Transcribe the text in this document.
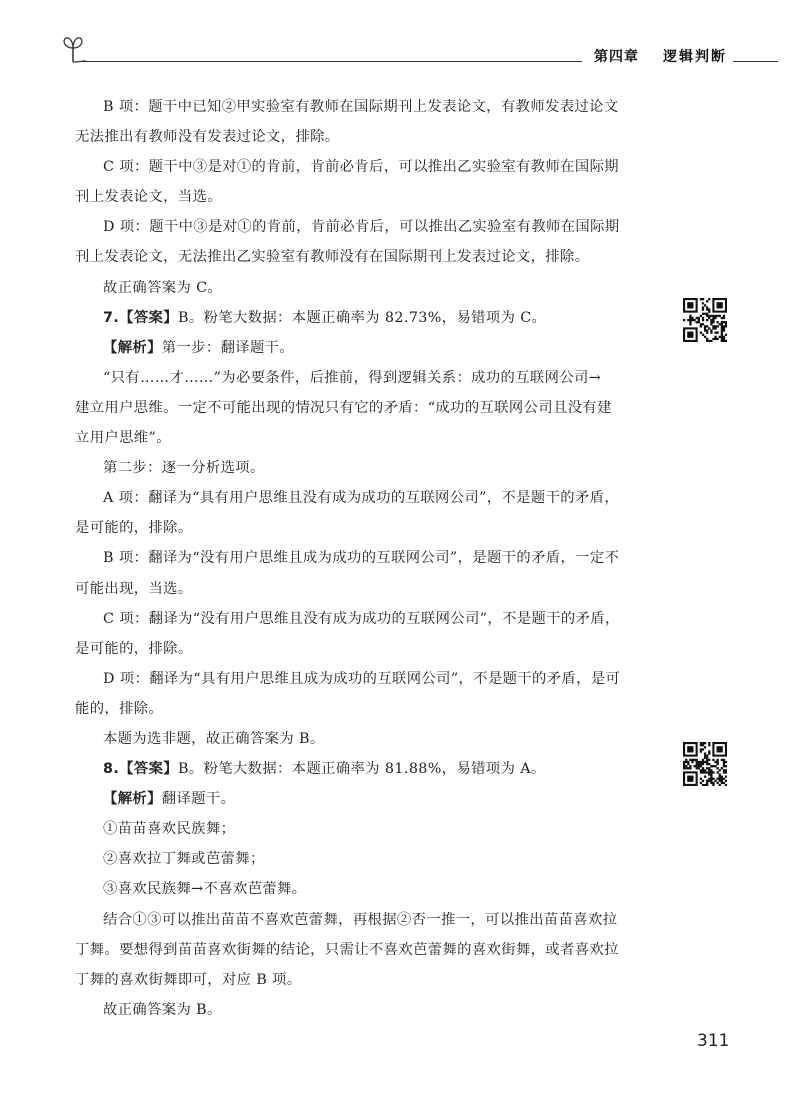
第四章 逻辑判断

B 项：题干中已知②甲实验室有教师在国际期刊上发表论文，有教师发表过论文

无法推出有教师没有发表过论文，排除。

C 项：题干中③是对①的肯前，肯前必肯后，可以推出乙实验室有教师在国际期

刊上发表论文，当选。

D 项：题干中③是对①的肯前，肯前必肯后，可以推出乙实验室有教师在国际期

刊上发表论文，无法推出乙实验室有教师没有在国际期刊上发表过论文，排除。

故正确答案为 C。

7.【答案】B。粉笔大数据：本题正确率为 82.73%，易错项为 C。

【解析】第一步：翻译题干。

“只有……才……”为必要条件，后推前，得到逻辑关系：成功的互联网公司→

建立用户思维。一定不可能出现的情况只有它的矛盾：“成功的互联网公司且没有建

立用户思维”。

第二步：逐一分析选项。

A 项：翻译为“具有用户思维且没有成为成功的互联网公司”，不是题干的矛盾，

是可能的，排除。

B 项：翻译为“没有用户思维且成为成功的互联网公司”，是题干的矛盾，一定不

可能出现，当选。

C 项：翻译为“没有用户思维且没有成为成功的互联网公司”，不是题干的矛盾，

是可能的，排除。

D 项：翻译为“具有用户思维且成为成功的互联网公司”，不是题干的矛盾，是可

能的，排除。

本题为选非题，故正确答案为 B。

8.【答案】B。粉笔大数据：本题正确率为 81.88%，易错项为 A。

【解析】翻译题干。

①苗苗喜欢民族舞；

②喜欢拉丁舞或芭蕾舞；

③喜欢民族舞→不喜欢芭蕾舞。

结合①③可以推出苗苗不喜欢芭蕾舞，再根据②否一推一，可以推出苗苗喜欢拉

丁舞。要想得到苗苗喜欢街舞的结论，只需让不喜欢芭蕾舞的喜欢街舞，或者喜欢拉

丁舞的喜欢街舞即可，对应 B 项。

故正确答案为 B。

311
